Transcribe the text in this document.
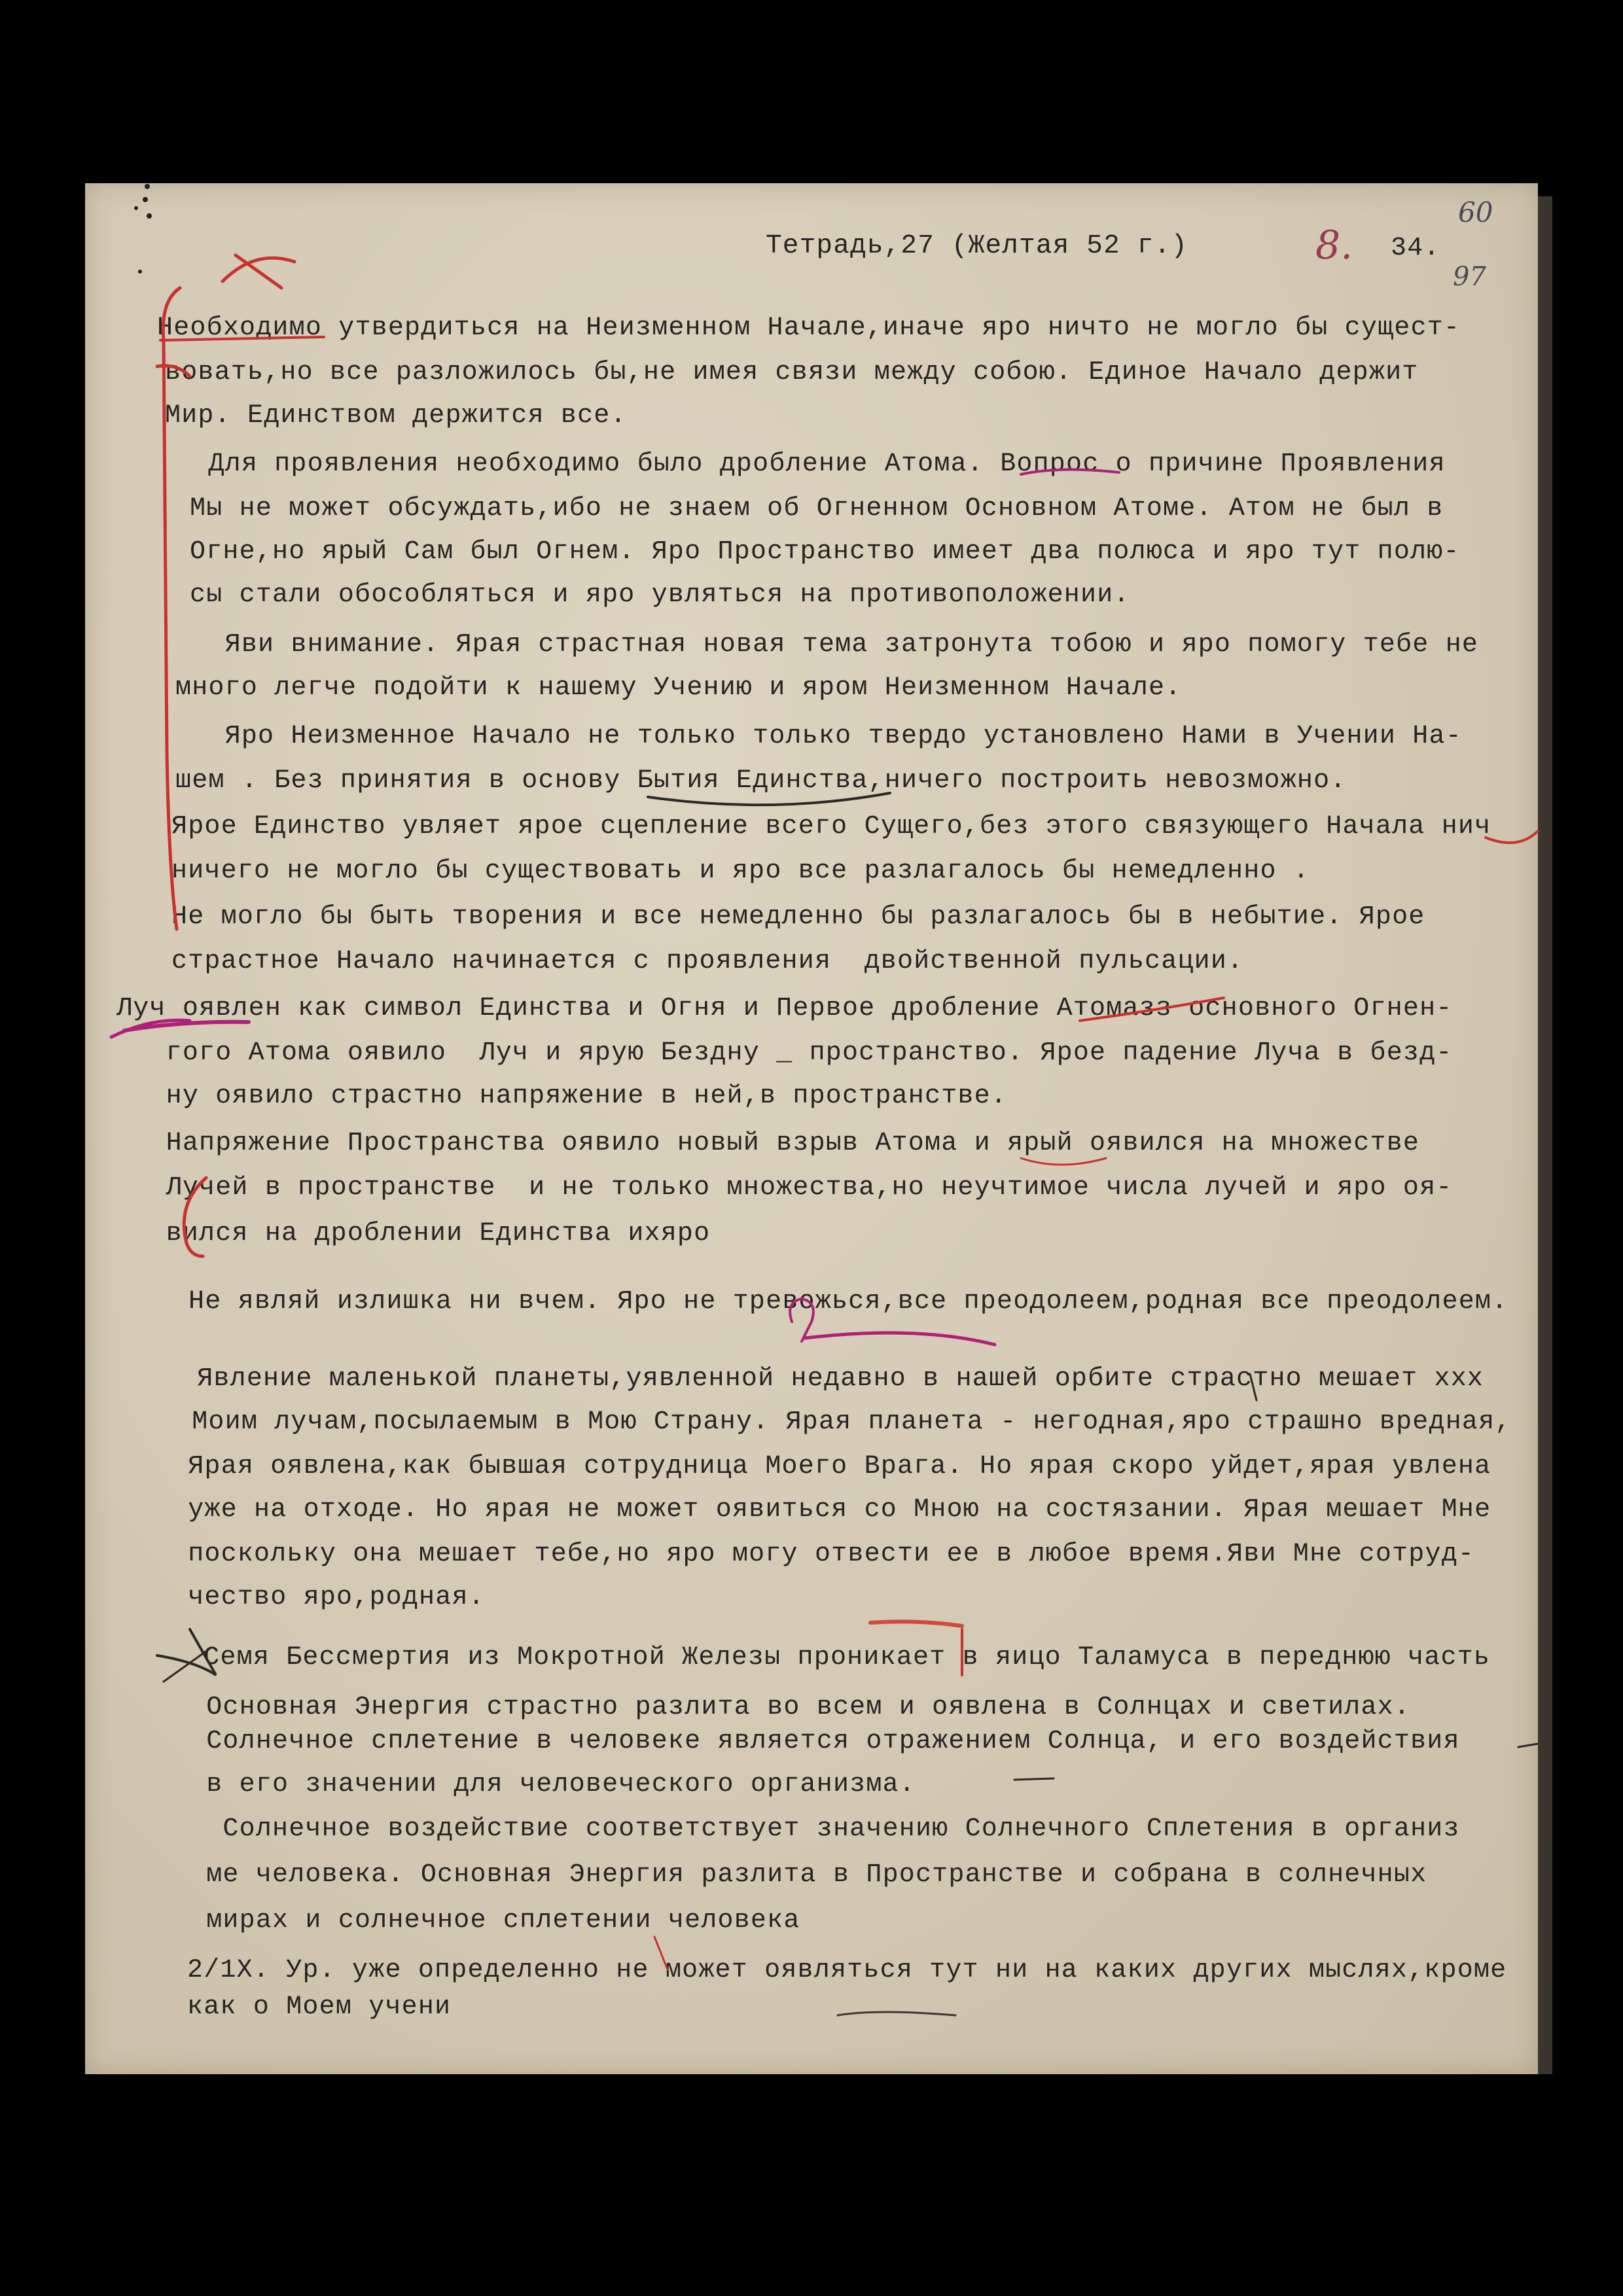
Тетрадь,27 (Желтая 52 г.)	34.
8.
60
97
Необходимо утвердиться на Неизменном Начале,иначе яро ничто не могло бы сущест-
вовать,но все разложилось бы,не имея связи между собою. Единое Начало держит
Мир. Единством держится все.
Для проявления необходимо было дробление Атома. Вопрос о причине Проявления
Мы не может обсуждать,ибо не знаем об Огненном Основном Атоме. Атом не был в
Огне,но ярый Сам был Огнем. Яро Пространство имеет два полюса и яро тут полю-
сы стали обособляться и яро увляться на противоположении.
Яви внимание. Ярая страстная новая тема затронута тобою и яро помогу тебе не
много легче подойти к нашему Учению и яром Неизменном Начале.
Яро Неизменное Начало не только только твердо установлено Нами в Учении На-
шем . Без принятия в основу Бытия Единства,ничего построить невозможно.
Ярое Единство увляет ярое сцепление всего Сущего,без этого связующего Начала нич
ничего не могло бы существовать и яро все разлагалось бы немедленно .
Не могло бы быть творения и все немедленно бы разлагалось бы в небытие. Ярое
страстное Начало начинается с проявления  двойственной пульсации.
Луч оявлен как символ Единства и Огня и Первое дробление Атомазз основного Огнен-
гого Атома оявило  Луч и ярую Бездну _ пространство. Ярое падение Луча в безд-
ну оявило страстно напряжение в ней,в пространстве.
Напряжение Пространства оявило новый взрыв Атома и ярый оявился на множестве
Лучей в пространстве  и не только множества,но неучтимое числа лучей и яро оя-
вился на дроблении Единства ихяро
Не являй излишка ни вчем. Яро не тревожься,все преодолеем,родная все преодолеем.
Явление маленькой планеты,уявленной недавно в нашей орбите страстно мешает ххх
Моим лучам,посылаемым в Мою Страну. Ярая планета - негодная,яро страшно вредная,
Ярая оявлена,как бывшая сотрудница Моего Врага. Но ярая скоро уйдет,ярая увлена
уже на отходе. Но ярая не может оявиться со Мною на состязании. Ярая мешает Мне
поскольку она мешает тебе,но яро могу отвести ее в любое время.Яви Мне сотруд-
чество яро,родная.
Семя Бессмертия из Мокротной Железы проникает в яицо Таламуса в переднюю часть
Основная Энергия страстно разлита во всем и оявлена в Солнцах и светилах.
Солнечное сплетение в человеке является отражением Солнца, и его воздействия
в его значении для человеческого организма.
Солнечное воздействие соответствует значению Солнечного Сплетения в организ
ме человека. Основная Энергия разлита в Пространстве и собрана в солнечных
мирах и солнечное сплетении человека
2/1Х. Ур. уже определенно не может оявляться тут ни на каких других мыслях,кроме
как о Моем учени
